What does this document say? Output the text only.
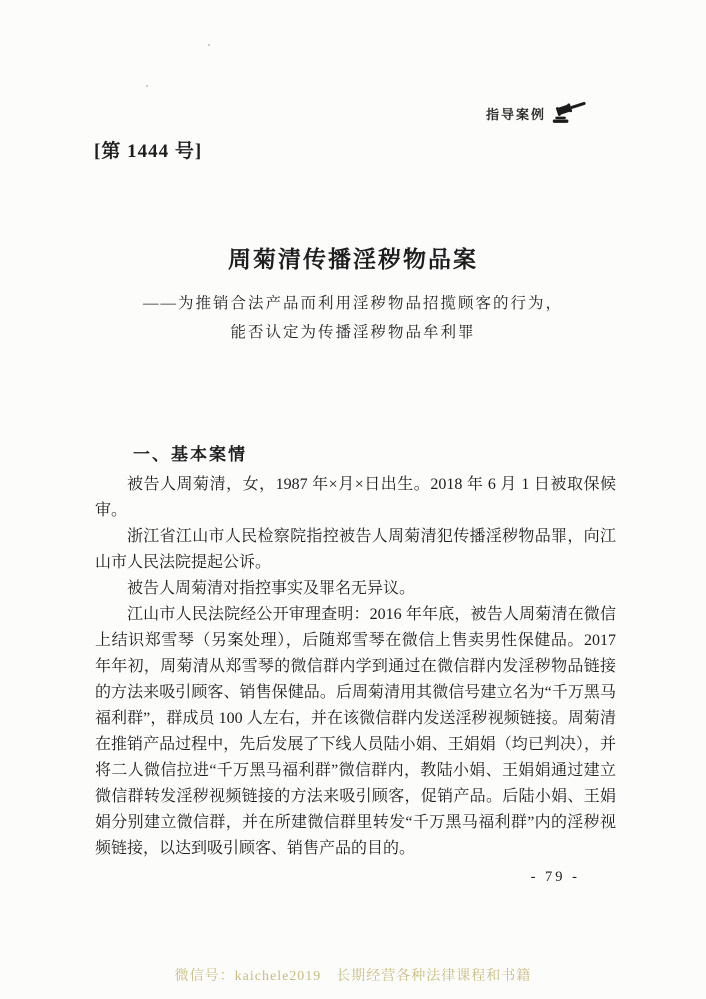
指导案例
[第 1444 号]
周菊清传播淫秽物品案
——为推销合法产品而利用淫秽物品招揽顾客的行为，
能否认定为传播淫秽物品牟利罪
一、基本案情

被告人周菊清，女，1987 年×月×日出生。2018 年 6 月 1 日被取保候审。

浙江省江山市人民检察院指控被告人周菊清犯传播淫秽物品罪，向江山市人民法院提起公诉。

被告人周菊清对指控事实及罪名无异议。

江山市人民法院经公开审理查明：2016 年年底，被告人周菊清在微信上结识郑雪琴（另案处理），后随郑雪琴在微信上售卖男性保健品。2017 年年初，周菊清从郑雪琴的微信群内学到通过在微信群内发淫秽物品链接的方法来吸引顾客、销售保健品。后周菊清用其微信号建立名为“千万黑马福利群”，群成员 100 人左右，并在该微信群内发送淫秽视频链接。周菊清在推销产品过程中，先后发展了下线人员陆小娟、王娟娟（均已判决），并将二人微信拉进“千万黑马福利群”微信群内，教陆小娟、王娟娟通过建立微信群转发淫秽视频链接的方法来吸引顾客，促销产品。后陆小娟、王娟娟分别建立微信群，并在所建微信群里转发“千万黑马福利群”内的淫秽视频链接，以达到吸引顾客、销售产品的目的。

- 79 -
微信号：kaichele2019　长期经营各种法律课程和书籍
